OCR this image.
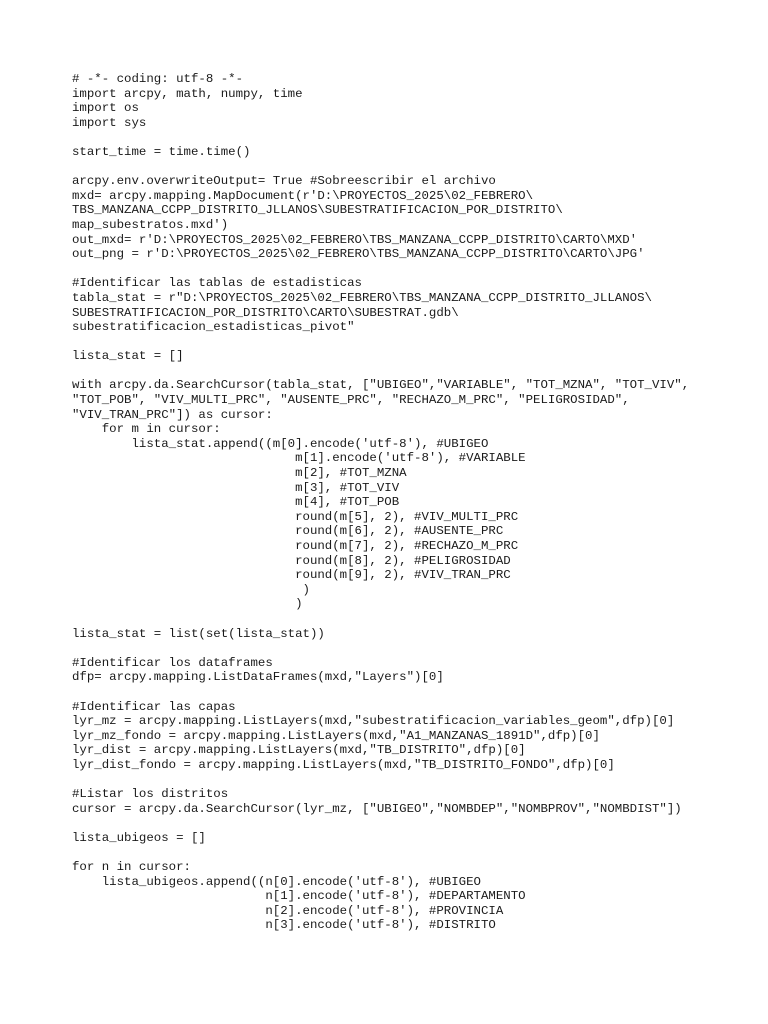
# -*- coding: utf-8 -*-
import arcpy, math, numpy, time
import os
import sys
start_time = time.time()
arcpy.env.overwriteOutput= True #Sobreescribir el archivo
mxd= arcpy.mapping.MapDocument(r'D:\PROYECTOS_2025\02_FEBRERO\
TBS_MANZANA_CCPP_DISTRITO_JLLANOS\SUBESTRATIFICACION_POR_DISTRITO\
map_subestratos.mxd')
out_mxd= r'D:\PROYECTOS_2025\02_FEBRERO\TBS_MANZANA_CCPP_DISTRITO\CARTO\MXD'
out_png = r'D:\PROYECTOS_2025\02_FEBRERO\TBS_MANZANA_CCPP_DISTRITO\CARTO\JPG'
#Identificar las tablas de estadisticas
tabla_stat = r"D:\PROYECTOS_2025\02_FEBRERO\TBS_MANZANA_CCPP_DISTRITO_JLLANOS\
SUBESTRATIFICACION_POR_DISTRITO\CARTO\SUBESTRAT.gdb\
subestratificacion_estadisticas_pivot"
lista_stat = []
with arcpy.da.SearchCursor(tabla_stat, ["UBIGEO","VARIABLE", "TOT_MZNA", "TOT_VIV",
"TOT_POB", "VIV_MULTI_PRC", "AUSENTE_PRC", "RECHAZO_M_PRC", "PELIGROSIDAD",
"VIV_TRAN_PRC"]) as cursor:
for m in cursor:
lista_stat.append((m[0].encode('utf-8'), #UBIGEO
m[1].encode('utf-8'), #VARIABLE
m[2], #TOT_MZNA
m[3], #TOT_VIV
m[4], #TOT_POB
round(m[5], 2), #VIV_MULTI_PRC
round(m[6], 2), #AUSENTE_PRC
round(m[7], 2), #RECHAZO_M_PRC
round(m[8], 2), #PELIGROSIDAD
round(m[9], 2), #VIV_TRAN_PRC
)
)
lista_stat = list(set(lista_stat))
#Identificar los dataframes
dfp= arcpy.mapping.ListDataFrames(mxd,"Layers")[0]
#Identificar las capas
lyr_mz = arcpy.mapping.ListLayers(mxd,"subestratificacion_variables_geom",dfp)[0]
lyr_mz_fondo = arcpy.mapping.ListLayers(mxd,"A1_MANZANAS_1891D",dfp)[0]
lyr_dist = arcpy.mapping.ListLayers(mxd,"TB_DISTRITO",dfp)[0]
lyr_dist_fondo = arcpy.mapping.ListLayers(mxd,"TB_DISTRITO_FONDO",dfp)[0]
#Listar los distritos
cursor = arcpy.da.SearchCursor(lyr_mz, ["UBIGEO","NOMBDEP","NOMBPROV","NOMBDIST"])
lista_ubigeos = []
for n in cursor:
lista_ubigeos.append((n[0].encode('utf-8'), #UBIGEO
n[1].encode('utf-8'), #DEPARTAMENTO
n[2].encode('utf-8'), #PROVINCIA
n[3].encode('utf-8'), #DISTRITO
